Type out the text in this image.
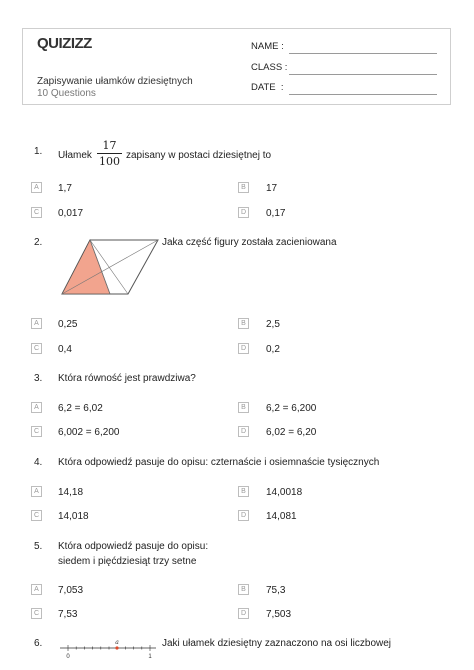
QUIZIZZ
Zapisywanie ułamków dziesiętnych
10 Questions
NAME :
CLASS :
DATE  :
1. Ułamek
17
100 zapisany w postaci dziesiętnej to
A	1,7	B	17
C 0,017	D 0,17
2.	Jaka część figury została zacieniowana
A	0,25	B	2,5
C 0,4	D 0,2
3. Która równość jest prawdziwa?
A	6,2 = 6,02	B	6,2 = 6,200
C 6,002 = 6,200	D 6,02 = 6,20
4. Która odpowiedź pasuje do opisu: czternaście i osiemnaście tysięcznych
A	14,18	B	14,0018
C 14,018	D 14,081
5. Która odpowiedź pasuje do opisu:
siedem i pięćdziesiąt trzy setne
A	7,053	B	75,3
C 7,53	D 7,503
6.	a
0	1
Jaki ułamek dziesiętny zaznaczono na osi liczbowej
